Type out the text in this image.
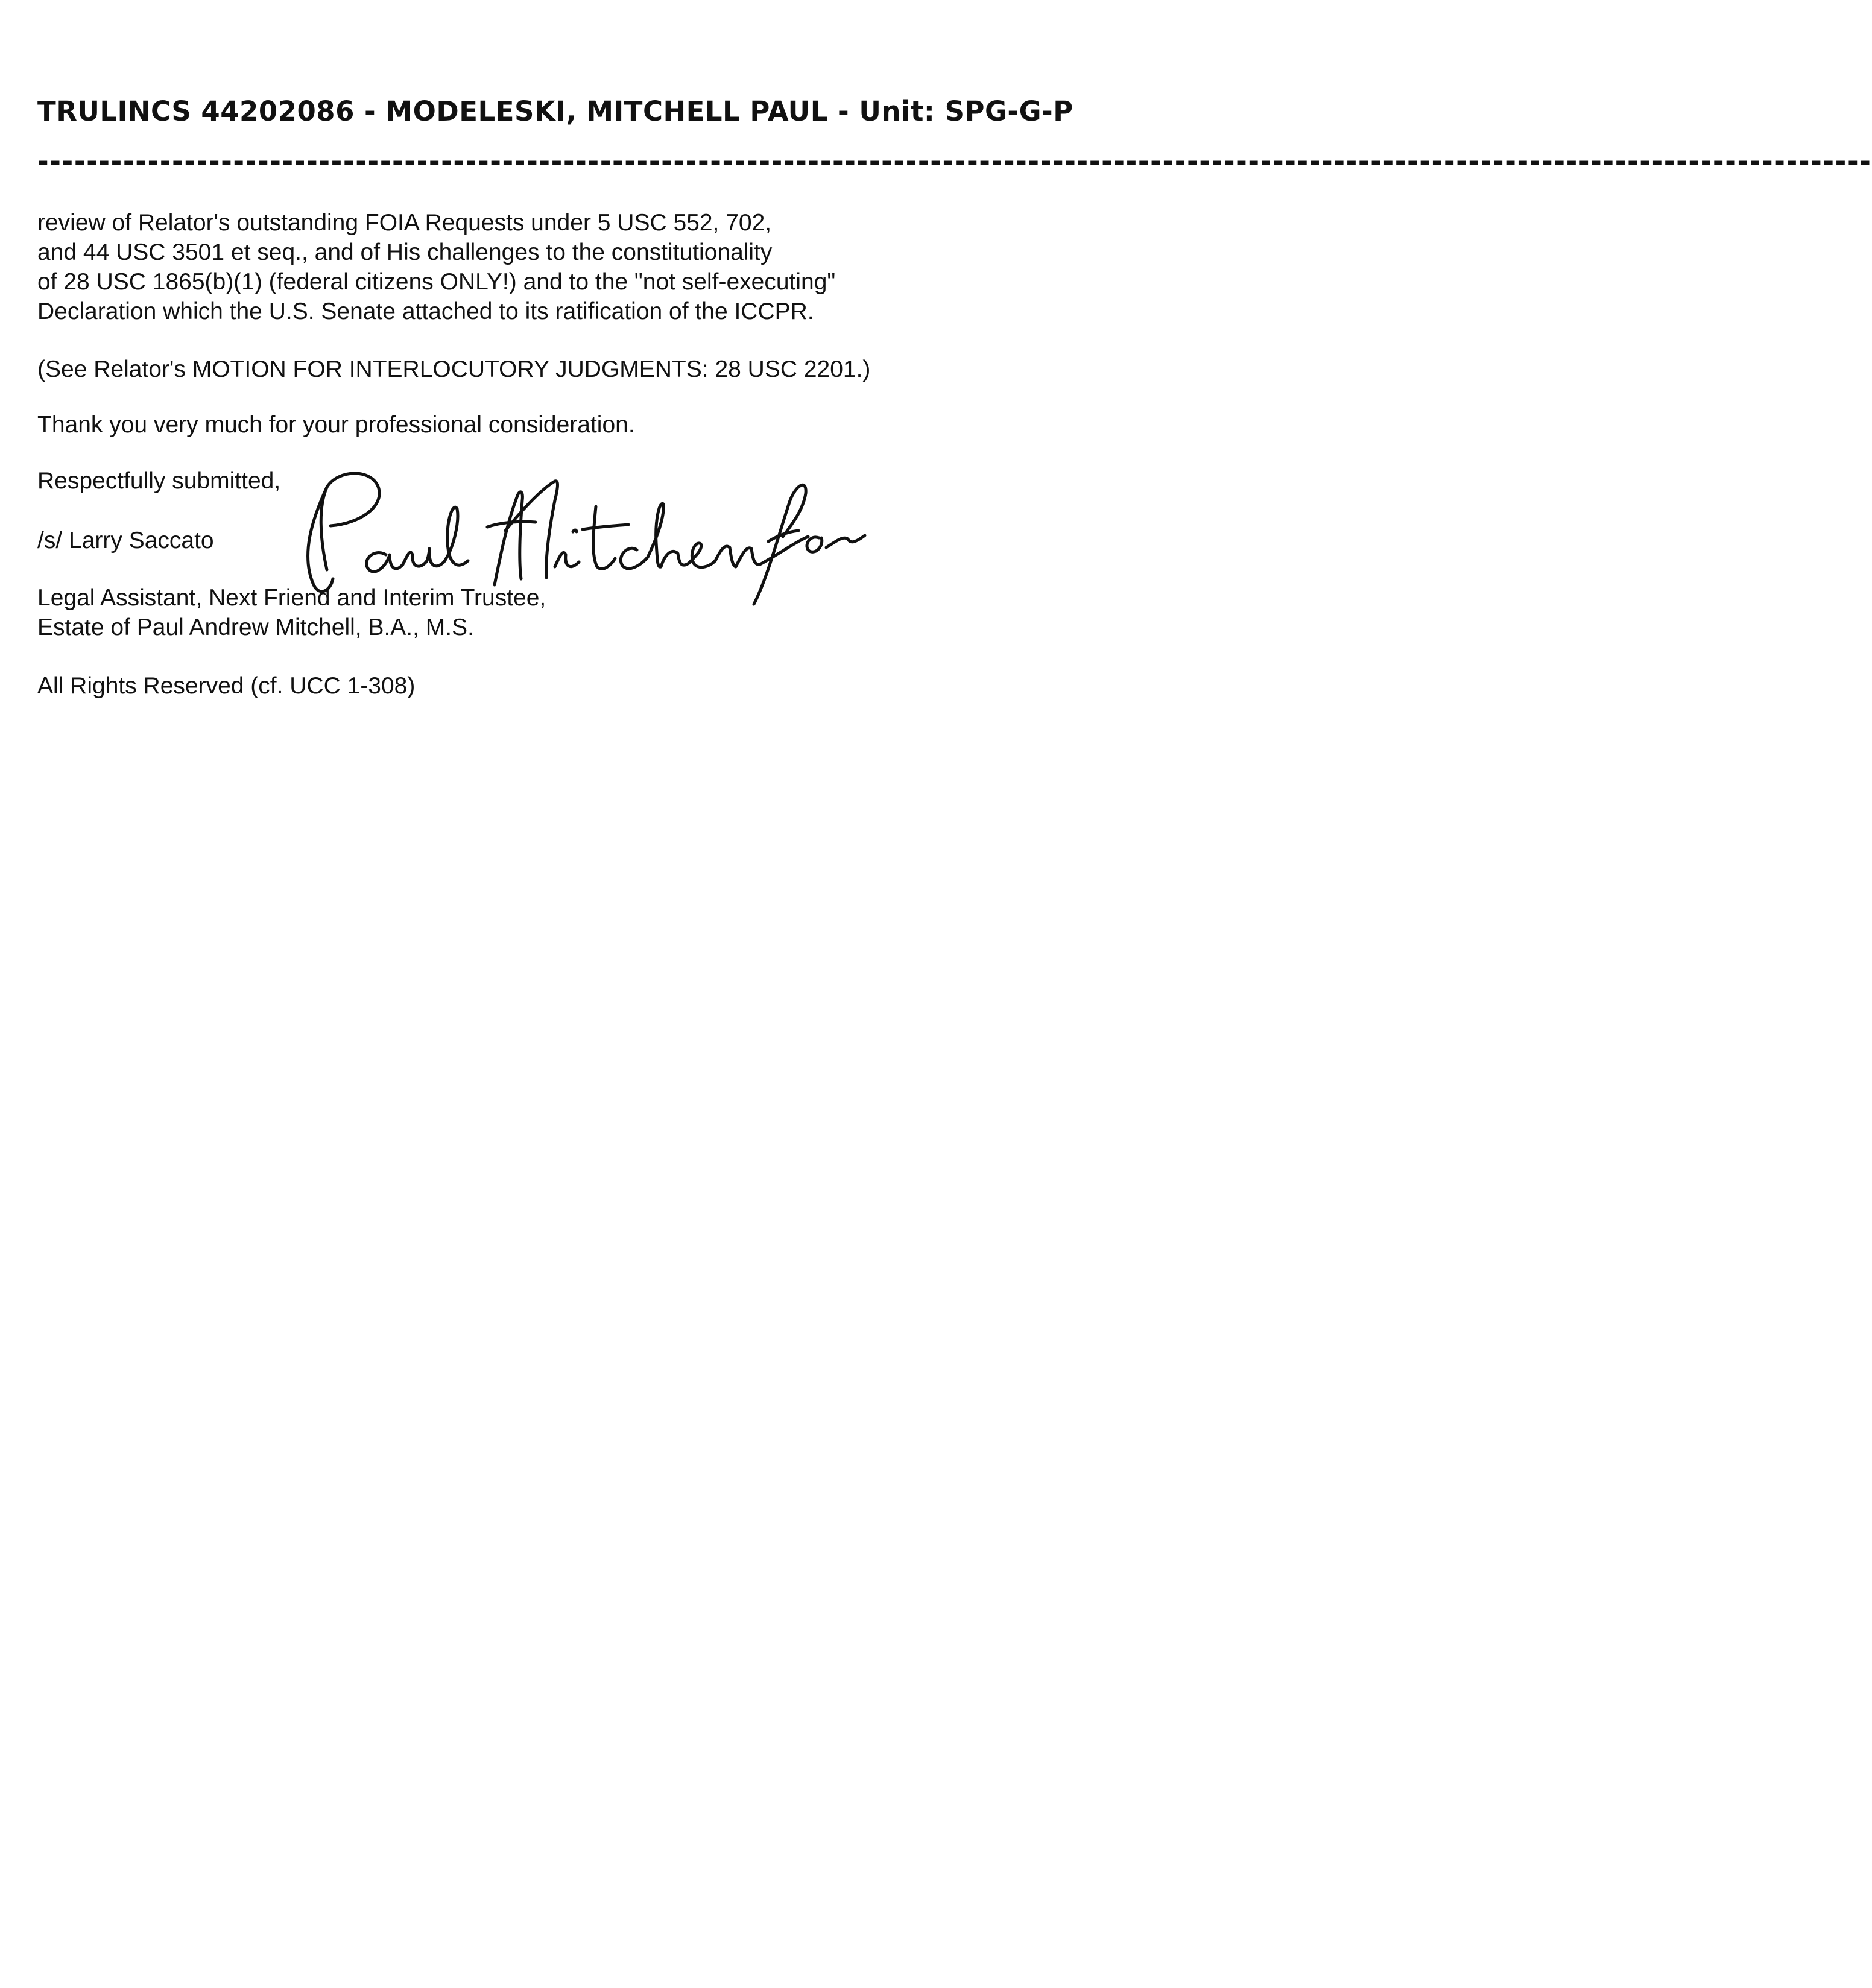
TRULINCS 44202086 - MODELESKI, MITCHELL PAUL - Unit: SPG-G-P
------------------------------------------------------------------------------------------------------------------------------------------------------
review of Relator's outstanding FOIA Requests under 5 USC 552, 702,
and 44 USC 3501 et seq., and of His challenges to the constitutionality
of 28 USC 1865(b)(1) (federal citizens ONLY!) and to the "not self-executing"
Declaration which the U.S. Senate attached to its ratification of the ICCPR.
(See Relator's MOTION FOR INTERLOCUTORY JUDGMENTS: 28 USC 2201.)
Thank you very much for your professional consideration.
Respectfully submitted,
/s/ Larry Saccato
Legal Assistant, Next Friend and Interim Trustee,
Estate of Paul Andrew Mitchell, B.A., M.S.
All Rights Reserved (cf. UCC 1-308)
